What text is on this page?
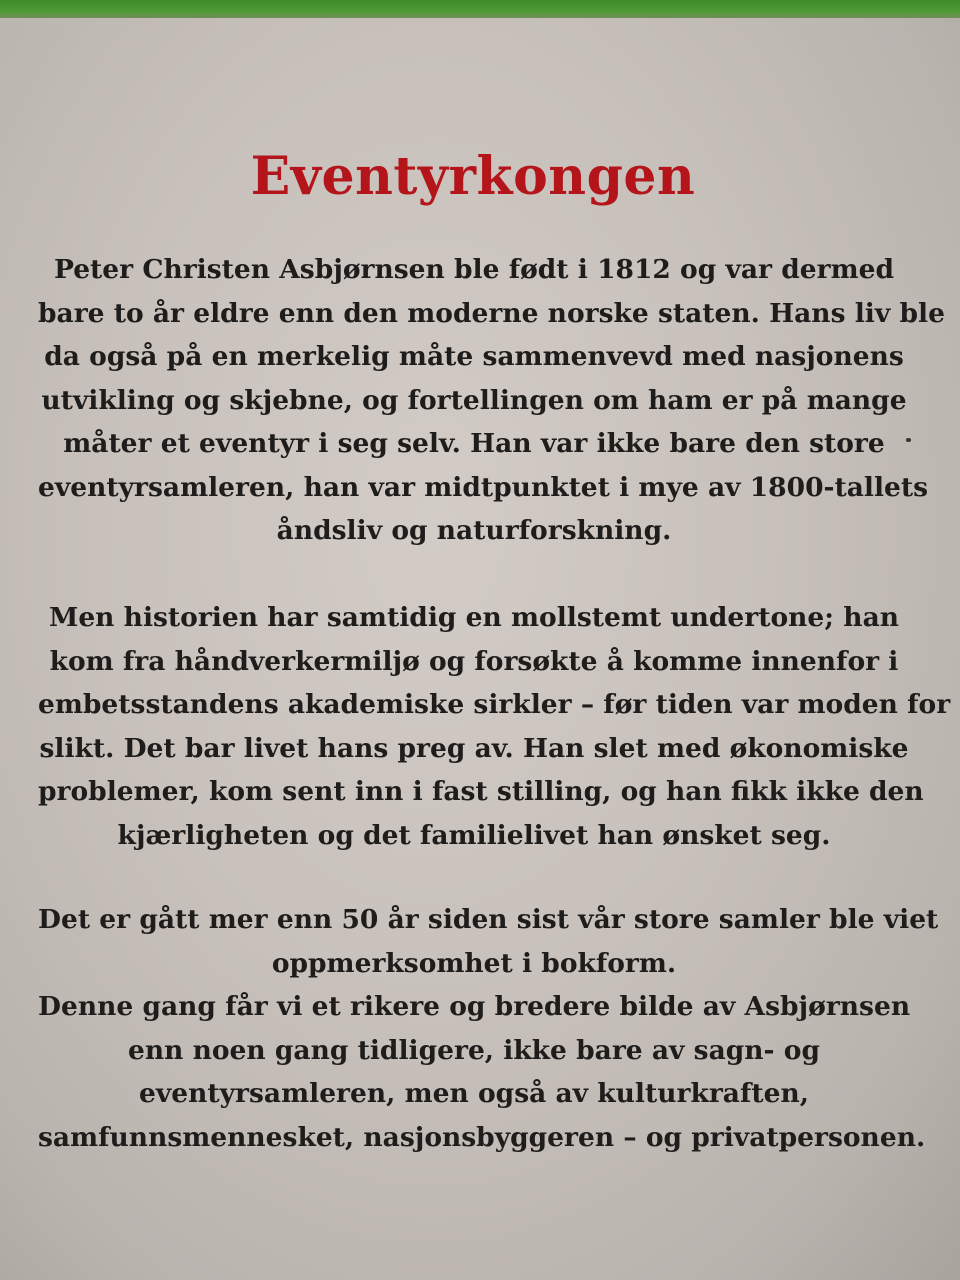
Eventyrkongen
Peter Christen Asbjørnsen ble født i 1812 og var dermed
bare to år eldre enn den moderne norske staten. Hans liv ble
da også på en merkelig måte sammenvevd med nasjonens
utvikling og skjebne, og fortellingen om ham er på mange
måter et eventyr i seg selv. Han var ikke bare den store
eventyrsamleren, han var midtpunktet i mye av 1800-tallets
åndsliv og naturforskning.
Men historien har samtidig en mollstemt undertone; han
kom fra håndverkermiljø og forsøkte å komme innenfor i
embetsstandens akademiske sirkler – før tiden var moden for
slikt. Det bar livet hans preg av. Han slet med økonomiske
problemer, kom sent inn i fast stilling, og han fikk ikke den
kjærligheten og det familielivet han ønsket seg.
Det er gått mer enn 50 år siden sist vår store samler ble viet
oppmerksomhet i bokform.
Denne gang får vi et rikere og bredere bilde av Asbjørnsen
enn noen gang tidligere, ikke bare av sagn- og
eventyrsamleren, men også av kulturkraften,
samfunnsmennesket, nasjonsbyggeren – og privatpersonen.
